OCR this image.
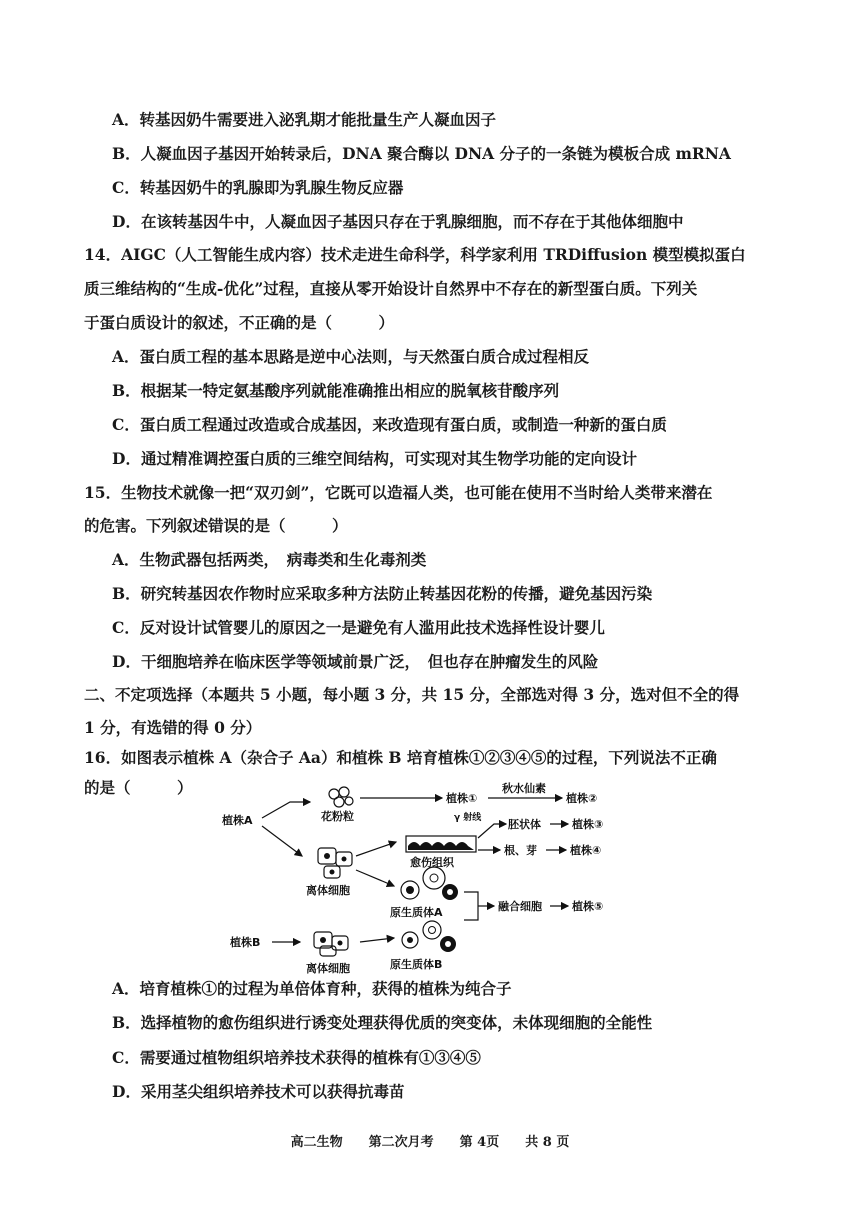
A．转基因奶牛需要进入泌乳期才能批量生产人凝血因子
B．人凝血因子基因开始转录后，DNA 聚合酶以 DNA 分子的一条链为模板合成 mRNA
C．转基因奶牛的乳腺即为乳腺生物反应器
D．在该转基因牛中，人凝血因子基因只存在于乳腺细胞，而不存在于其他体细胞中
14．AIGC（人工智能生成内容）技术走进生命科学，科学家利用 TRDiffusion 模型模拟蛋白
质三维结构的“生成-优化”过程，直接从零开始设计自然界中不存在的新型蛋白质。下列关
于蛋白质设计的叙述，不正确的是（　　　）
A．蛋白质工程的基本思路是逆中心法则，与天然蛋白质合成过程相反
B．根据某一特定氨基酸序列就能准确推出相应的脱氧核苷酸序列
C．蛋白质工程通过改造或合成基因，来改造现有蛋白质，或制造一种新的蛋白质
D．通过精准调控蛋白质的三维空间结构，可实现对其生物学功能的定向设计
15．生物技术就像一把“双刃剑”，它既可以造福人类，也可能在使用不当时给人类带来潜在
的危害。下列叙述错误的是（　　　）
A．生物武器包括两类，　病毒类和生化毒剂类
B．研究转基因农作物时应采取多种方法防止转基因花粉的传播，避免基因污染
C．反对设计试管婴儿的原因之一是避免有人滥用此技术选择性设计婴儿
D．干细胞培养在临床医学等领域前景广泛，　但也存在肿瘤发生的风险
二、不定项选择（本题共 5 小题，每小题 3 分，共 15 分，全部选对得 3 分，选对但不全的得
1 分，有选错的得 0 分）
16．如图表示植株 A（杂合子 Aa）和植株 B 培育植株①②③④⑤的过程，下列说法不正确
的是（　　　）
植株A
植株B
花粉粒
植株①
秋水仙素
植株②
离体细胞
愈伤组织
γ 射线 胚状体	植株③
根、芽	植株④
原生质体A	融合细胞	植株⑤
离体细胞	原生质体B
A．培育植株①的过程为单倍体育种，获得的植株为纯合子
B．选择植物的愈伤组织进行诱变处理获得优质的突变体，未体现细胞的全能性
C．需要通过植物组织培养技术获得的植株有①③④⑤
D．采用茎尖组织培养技术可以获得抗毒苗
高二生物　　第二次月考　　第 4页　　共 8 页
